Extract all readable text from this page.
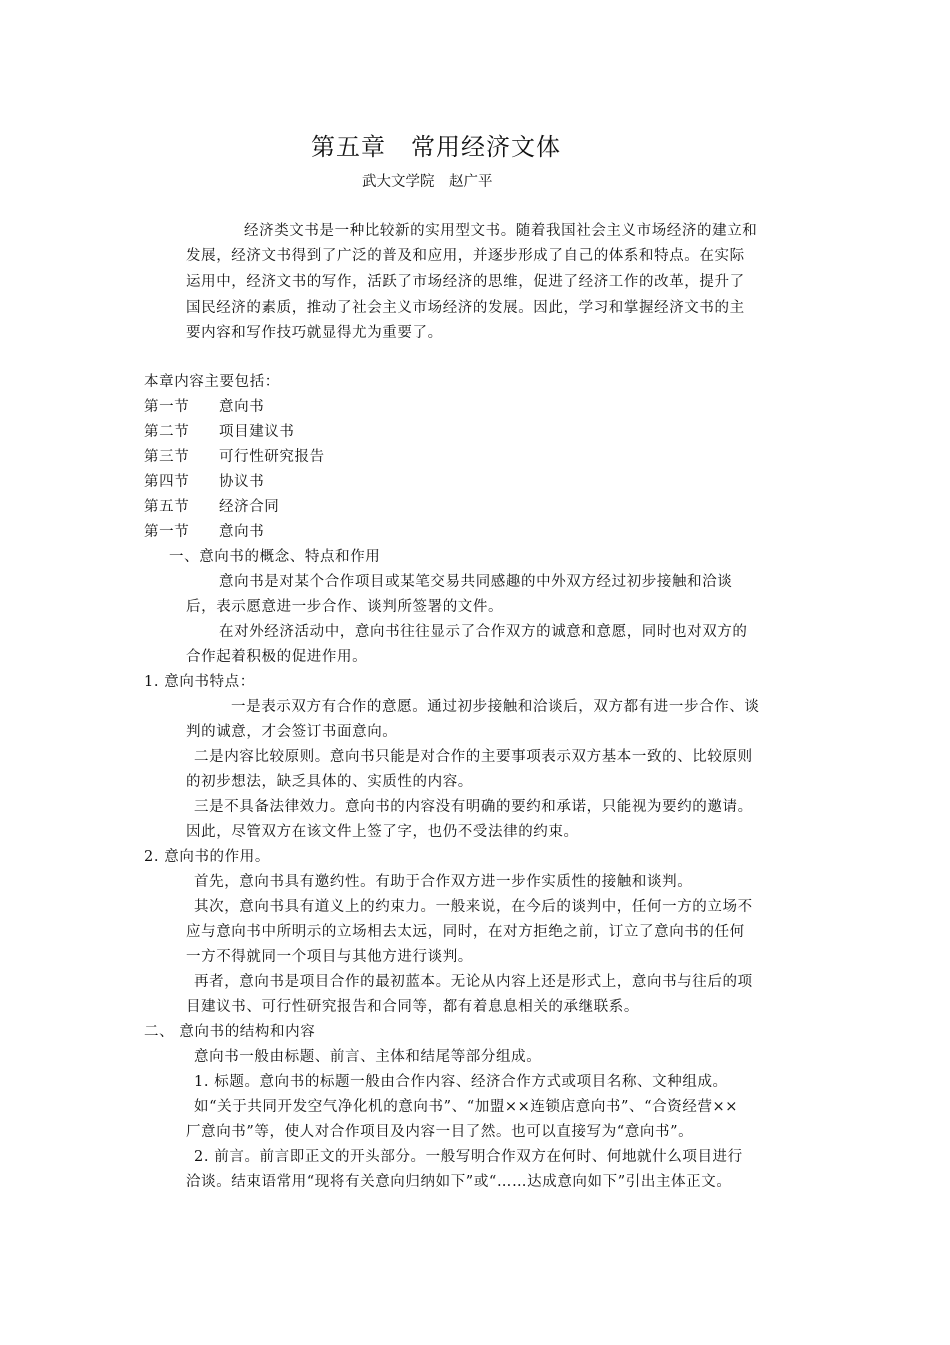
第五章　常用经济文体
武大文学院　赵广平
经济类文书是一种比较新的实用型文书。随着我国社会主义市场经济的建立和
发展，经济文书得到了广泛的普及和应用，并逐步形成了自己的体系和特点。在实际
运用中，经济文书的写作，活跃了市场经济的思维，促进了经济工作的改革，提升了
国民经济的素质，推动了社会主义市场经济的发展。因此，学习和掌握经济文书的主
要内容和写作技巧就显得尤为重要了。
本章内容主要包括：
第一节 意向书
第二节 项目建议书
第三节 可行性研究报告
第四节 协议书
第五节 经济合同
第一节 意向书
一、意向书的概念、特点和作用
意向书是对某个合作项目或某笔交易共同感趣的中外双方经过初步接触和洽谈
后，表示愿意进一步合作、谈判所签署的文件。
在对外经济活动中，意向书往往显示了合作双方的诚意和意愿，同时也对双方的
合作起着积极的促进作用。
1. 意向书特点：
一是表示双方有合作的意愿。通过初步接触和洽谈后，双方都有进一步合作、谈
判的诚意，才会签订书面意向。
二是内容比较原则。意向书只能是对合作的主要事项表示双方基本一致的、比较原则
的初步想法，缺乏具体的、实质性的内容。
三是不具备法律效力。意向书的内容没有明确的要约和承诺，只能视为要约的邀请。
因此，尽管双方在该文件上签了字，也仍不受法律的约束。
2. 意向书的作用。
首先，意向书具有邀约性。有助于合作双方进一步作实质性的接触和谈判。
其次，意向书具有道义上的约束力。一般来说，在今后的谈判中，任何一方的立场不
应与意向书中所明示的立场相去太远，同时，在对方拒绝之前，订立了意向书的任何
一方不得就同一个项目与其他方进行谈判。
再者，意向书是项目合作的最初蓝本。无论从内容上还是形式上，意向书与往后的项
目建议书、可行性研究报告和合同等，都有着息息相关的承继联系。
二、 意向书的结构和内容
意向书一般由标题、前言、主体和结尾等部分组成。
1. 标题。意向书的标题一般由合作内容、经济合作方式或项目名称、文种组成。
如“关于共同开发空气净化机的意向书”、“加盟××连锁店意向书”、“合资经营××
厂意向书”等，使人对合作项目及内容一目了然。也可以直接写为“意向书”。
2. 前言。前言即正文的开头部分。一般写明合作双方在何时、何地就什么项目进行
洽谈。结束语常用“现将有关意向归纳如下”或“……达成意向如下”引出主体正文。
